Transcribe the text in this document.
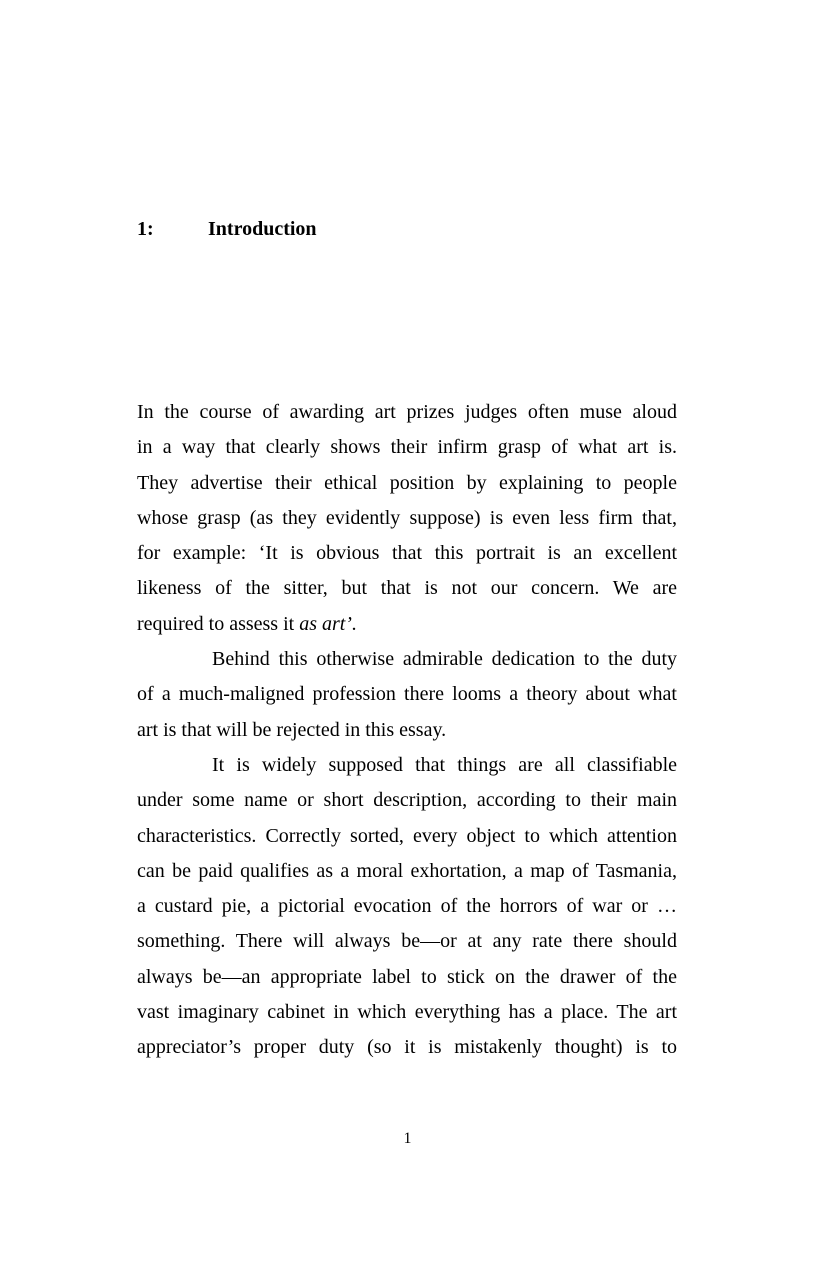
1:	Introduction

In the course of awarding art prizes judges often muse aloud
in a way that clearly shows their infirm grasp of what art is.
They advertise their ethical position by explaining to people
whose grasp (as they evidently suppose) is even less firm that,
for example: ‘It is obvious that this portrait is an excellent
likeness of the sitter, but that is not our concern. We are
required to assess it as art’.

Behind this otherwise admirable dedication to the duty
of a much-maligned profession there looms a theory about what
art is that will be rejected in this essay.

It is widely supposed that things are all classifiable
under some name or short description, according to their main
characteristics. Correctly sorted, every object to which attention
can be paid qualifies as a moral exhortation, a map of Tasmania,
a custard pie, a pictorial evocation of the horrors of war or …
something. There will always be—or at any rate there should
always be—an appropriate label to stick on the drawer of the
vast imaginary cabinet in which everything has a place. The art
appreciator’s proper duty (so it is mistakenly thought) is to

1
